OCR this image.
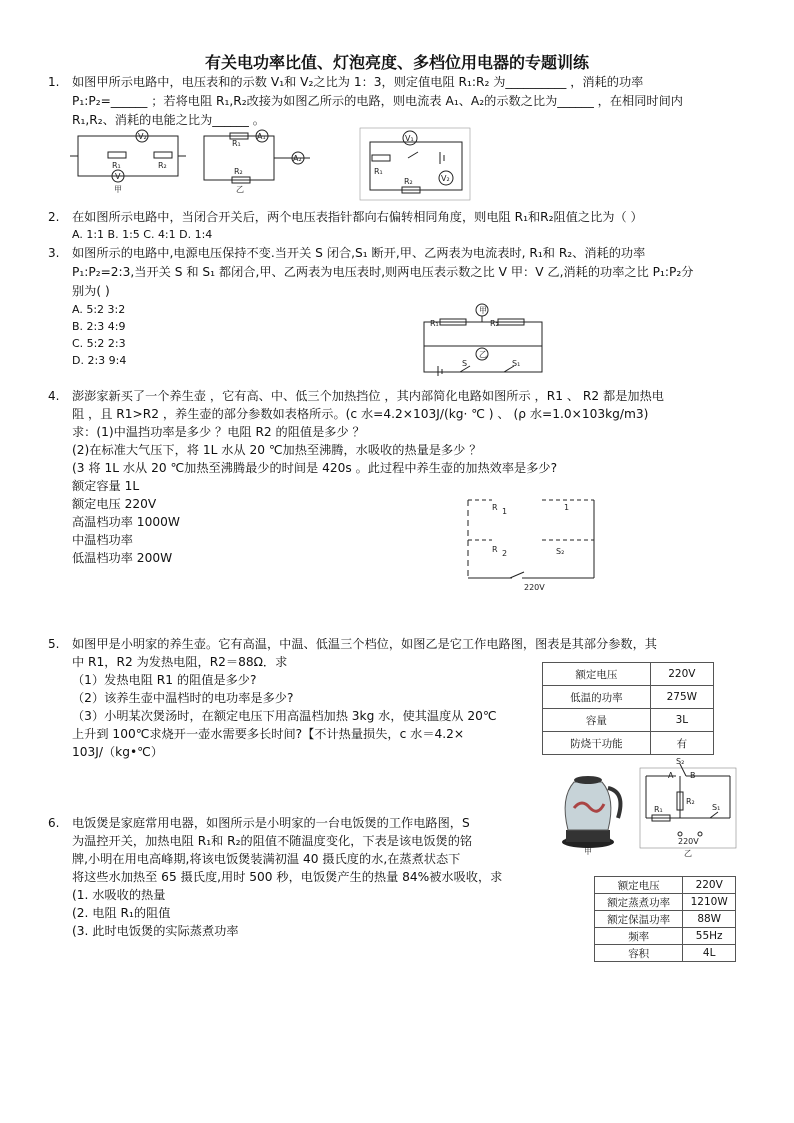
有关电功率比值、灯泡亮度、多档位用电器的专题训练
1. 如图甲所示电路中，电压表和的示数 V₁和 V₂之比为 1：3，则定值电阻 R₁:R₂ 为__________ ，消耗的功率
P₁:P₂=______ ；若将电阻 R₁,R₂改接为如图乙所示的电路，则电流表 A₁、A₂的示数之比为______ ，在相同时间内
R₁,R₂、消耗的电能之比为______ 。
V₂
R₁	R₂
V
甲
R₁
A₁
A₂
R₂
乙
V₁
R₁
V₂
R₂
2. 在如图所示电路中，当闭合开关后，两个电压表指针都向右偏转相同角度，则电阻 R₁和R₂阻值之比为（ ）
A. 1:1 B. 1:5 C. 4:1 D. 1:4
3. 如图所示的电路中,电源电压保持不变.当开关 S 闭合,S₁ 断开,甲、乙两表为电流表时, R₁和 R₂、消耗的功率
P₁:P₂=2:3,当开关 S 和 S₁ 都闭合,甲、乙两表为电压表时,则两电压表示数之比 V 甲：V 乙,消耗的功率之比 P₁:P₂分
别为( )
A. 5:2 3:2
B. 2:3 4:9
C. 5:2 2:3
D. 2:3 9:4
甲
R₁	R₂
乙
S	S₁
4. 澎澎家新买了一个养生壶 ，它有高、中、低三个加热挡位 ，其内部简化电路如图所示 ，R1 、 R2 都是加热电
阻 ，且 R1>R2 ，养生壶的部分参数如表格所示。(c 水=4.2×103J/(kg· ℃ ) 、 (ρ 水=1.0×103kg/m3)
求：(1)中温挡功率是多少 ？电阻 R2 的阻值是多少 ？
(2)在标准大气压下，将 1L 水从 20 ℃加热至沸腾，水吸收的热量是多少 ？
(3 将 1L 水从 20 ℃加热至沸腾最少的时间是 420s 。此过程中养生壶的加热效率是多少?
额定容量 1L
额定电压 220V
高温档功率 1000W
中温档功率
低温档功率 200W
R 1
R 2
1
S₂
220V
5. 如图甲是小明家的养生壶。它有高温，中温、低温三个档位，如图乙是它工作电路图，图表是其部分参数，其
中 R1，R2 为发热电阻，R2＝88Ω．求
（1）发热电阻 R1 的阻值是多少?
（2）该养生壶中温档时的电功率是多少?
（3）小明某次煲汤时，在额定电压下用高温档加热 3kg 水，使其温度从 20℃
上升到 100℃求烧开一壶水需要多长时间?【不计热量损失，c 水＝4.2×
103J/（kg•℃）
额定电压	220V
低温的功率	275W
容量	3L
防烧干功能	有
甲
S₂
A B
R₂
R₁	S₁
220V
乙
6. 电饭煲是家庭常用电器，如图所示是小明家的一台电饭煲的工作电路图，S
为温控开关，加热电阻 R₁和 R₂的阻值不随温度变化，下表是该电饭煲的铭
牌,小明在用电高峰期,将该电饭煲装满初温 40 摄氏度的水,在蒸煮状态下
将这些水加热至 65 摄氏度,用时 500 秒，电饭煲产生的热量 84%被水吸收，求
(1. 水吸收的热量
(2. 电阻 R₁的阻值
(3. 此时电饭煲的实际蒸煮功率
额定电压	220V
额定蒸煮功率	1210W
额定保温功率	88W
频率	55Hz
容积	4L
